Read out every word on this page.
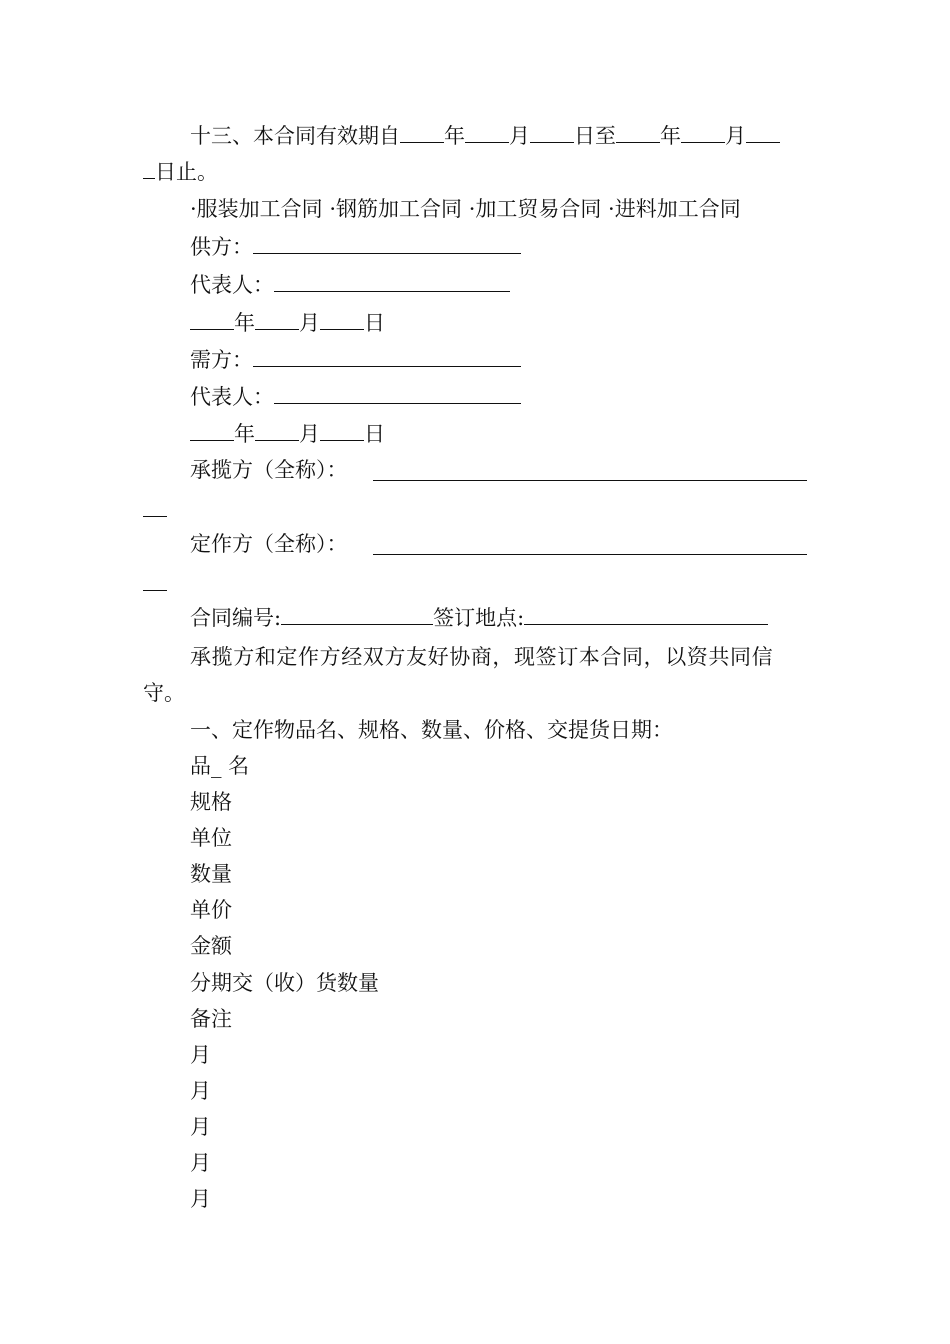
十三、本合同有效期自 年 月 日至 年 月
日止。
·服装加工合同 ·钢筋加工合同 ·加工贸易合同 ·进料加工合同
供方：
代表人：
年 月 日
需方：
代表人：
年 月 日
承揽方（全称）：
定作方（全称）：
合同编号:	签订地点:
承揽方和定作方经双方友好协商，现签订本合同，以资共同信
守。
一、定作物品名、规格、数量、价格、交提货日期：
品_ 名
规格
单位
数量
单价
金额
分期交（收）货数量
备注
月
月
月
月
月
